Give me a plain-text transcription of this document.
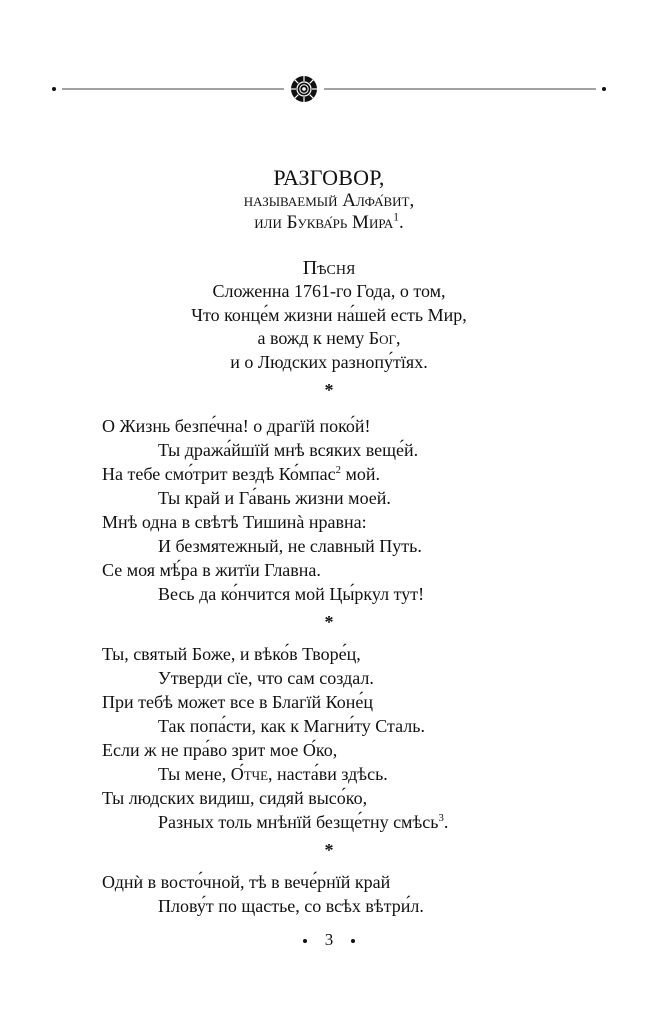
РАЗГОВОР,
называемый Алфа́вит,
или Буква́рь Мира$^1$.
Пѣсня
Сложенна 1761-го Года, о том,
Что конце́м жизни на́шей есть Мир,
а вожд к нему Бог,
и о Людских разнопу́тїях.
*
О Жизнь безпе́чна! о драгїй поко́й!
Ты дража́йшїй мнѣ всяких веще́й.
На тебе смо́трит вездѣ Ко́мпас$^2$ мой.
Ты край и Га́вань жизни моей.
Мнѣ одна в свѣтѣ Тишинà нравна:
И безмятежный, не славный Путь.
Се моя мѣ́ра в житїи Главна.
Весь да ко́нчится мой Цы́ркул тут!
*
Ты, святый Боже, и вѣко́в Творе́ц,
Утверди сїе, что сам создал.
При тебѣ может все в Благїй Коне́ц
Так попа́сти, как к Магни́ту Сталь.
Если ж не пра́во зрит мое О́ко,
Ты мене, О́тче, наста́ви здѣсь.
Ты людских видиш, сидяй высо́ко,
Разных толь мнѣнїй безще́тну смѣсь$^3$.
*
Однѝ в восто́чной, тѣ в вече́рнїй край
Плову́т по щастье, со всѣх вѣтри́л.
3
